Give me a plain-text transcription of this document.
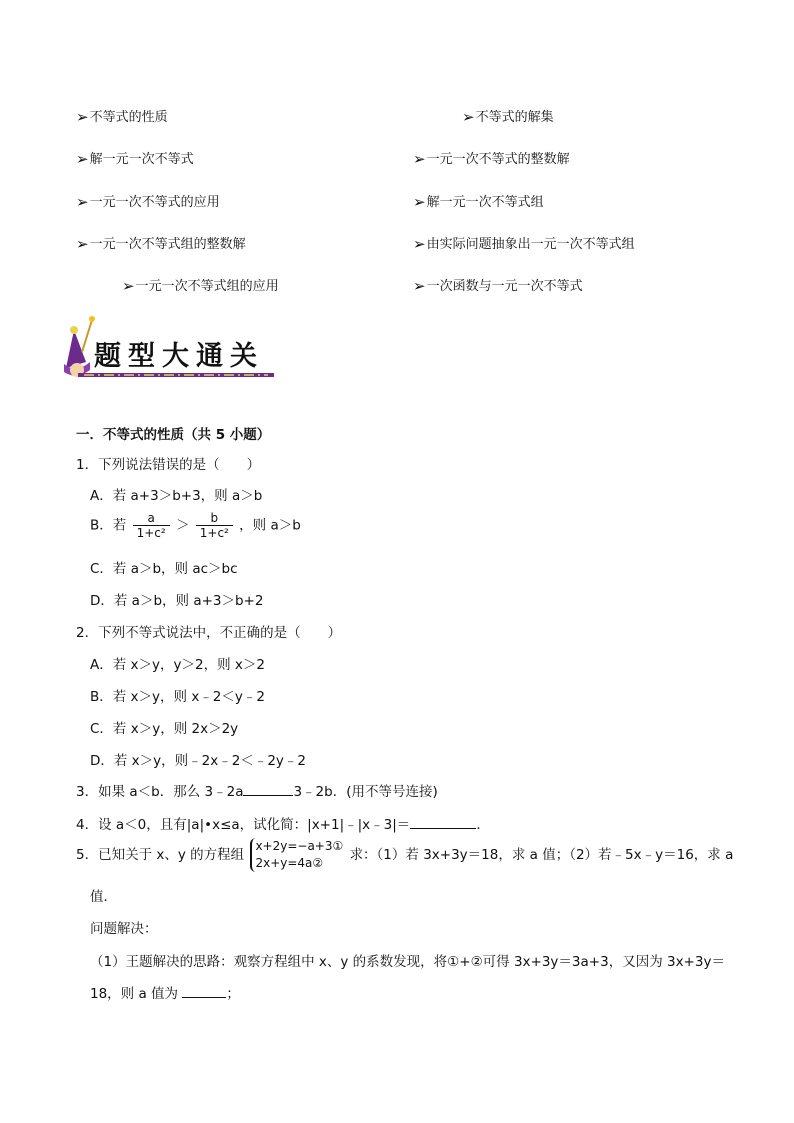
➢不等式的性质	➢不等式的解集
➢解一元一次不等式	➢一元一次不等式的整数解
➢一元一次不等式的应用	➢解一元一次不等式组
➢一元一次不等式组的整数解	➢由实际问题抽象出一元一次不等式组
➢一元一次不等式组的应用	➢一次函数与一元一次不等式
题型大通关
一．不等式的性质（共 5 小题）
1．下列说法错误的是（　　）
A．若 a+3＞b+3，则 a＞b
B．若 $\frac{a}{\text{1+c²}} > \frac{b}{\text{1+c²}}$ ，则 a＞b
C．若 a＞b，则 ac＞bc
D．若 a＞b，则 a+3＞b+2
2．下列不等式说法中，不正确的是（　　）
A．若 x＞y，y＞2，则 x＞2
B．若 x＞y，则 x﹣2＜y﹣2
C．若 x＞y，则 2x＞2y
D．若 x＞y，则﹣2x﹣2＜﹣2y﹣2
3．如果 a＜b．那么 3﹣2a	3﹣2b．(用不等号连接)
4．设 a＜0，且有|a|•x≤a，试化简：|x+1|﹣|x﹣3|＝	．
5．已知关于 x、y 的方程组
x+2y=−a+3①
2x+y=4a②	求：（1）若 3x+3y＝18，求 a 值；（2）若﹣5x﹣y＝16，求 a
值．
问题解决：
（1）王题解决的思路：观察方程组中 x、y 的系数发现，将①+②可得 3x+3y＝3a+3，又因为 3x+3y＝
18，则 a 值为	；
